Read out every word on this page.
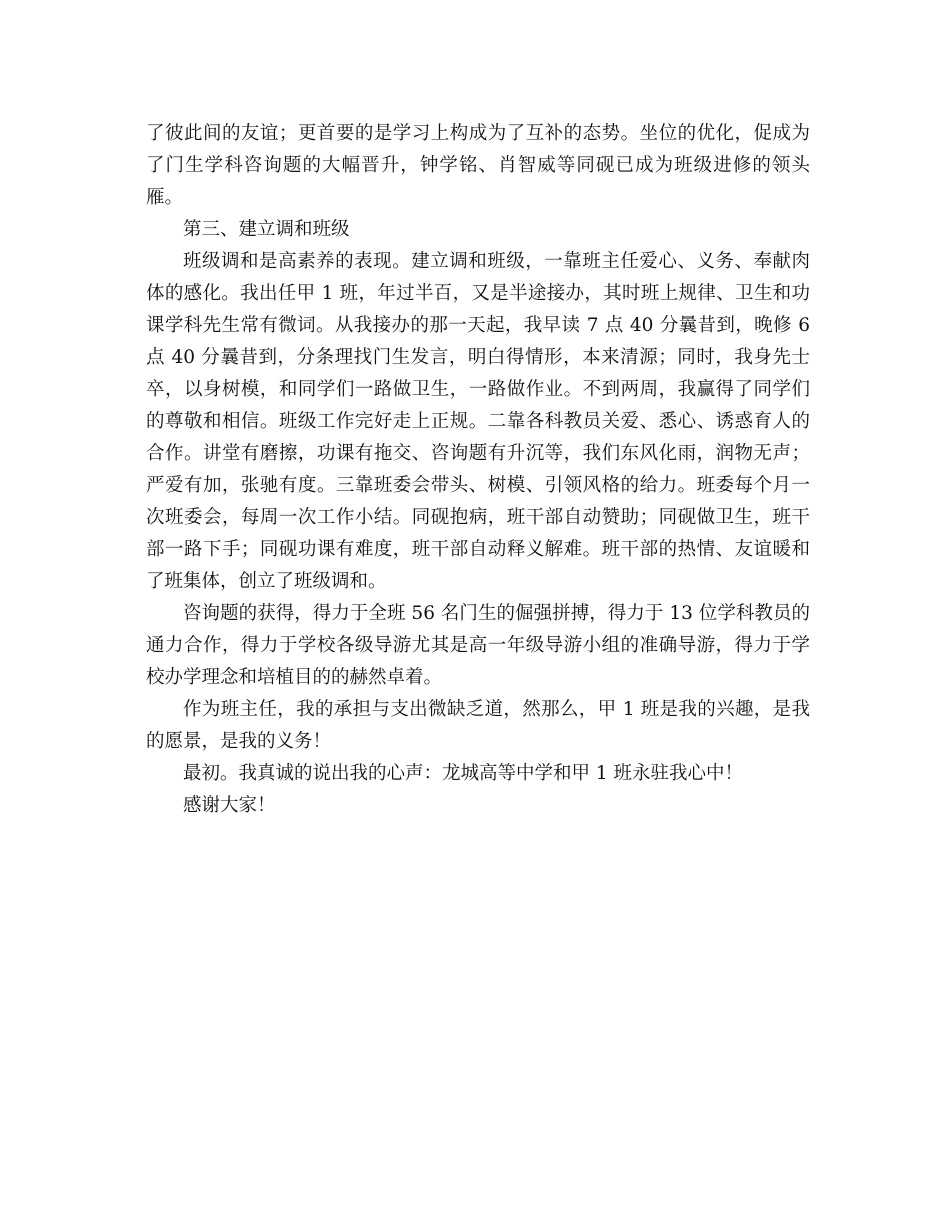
了彼此间的友谊；更首要的是学习上构成为了互补的态势。坐位的优化，促成为了门生学科咨询题的大幅晋升，钟学铭、肖智威等同砚已成为班级进修的领头雁。

第三、建立调和班级

班级调和是高素养的表现。建立调和班级，一靠班主任爱心、义务、奉献肉体的感化。我出任甲 1 班，年过半百，又是半途接办，其时班上规律、卫生和功课学科先生常有微词。从我接办的那一天起，我早读 7 点 40 分曩昔到，晚修 6 点 40 分曩昔到，分条理找门生发言，明白得情形，本来清源；同时，我身先士卒，以身树模，和同学们一路做卫生，一路做作业。不到两周，我赢得了同学们的尊敬和相信。班级工作完好走上正规。二靠各科教员关爱、悉心、诱惑育人的合作。讲堂有磨擦，功课有拖交、咨询题有升沉等，我们东风化雨，润物无声；严爱有加，张驰有度。三靠班委会带头、树模、引领风格的给力。班委每个月一次班委会，每周一次工作小结。同砚抱病，班干部自动赞助；同砚做卫生，班干部一路下手；同砚功课有难度，班干部自动释义解难。班干部的热情、友谊暖和了班集体，创立了班级调和。

咨询题的获得，得力于全班 56 名门生的倔强拼搏，得力于 13 位学科教员的通力合作，得力于学校各级导游尤其是高一年级导游小组的准确导游，得力于学校办学理念和培植目的的赫然卓着。

作为班主任，我的承担与支出微缺乏道，然那么，甲 1 班是我的兴趣，是我的愿景，是我的义务！

最初。我真诚的说出我的心声：龙城高等中学和甲 1 班永驻我心中！

感谢大家！
